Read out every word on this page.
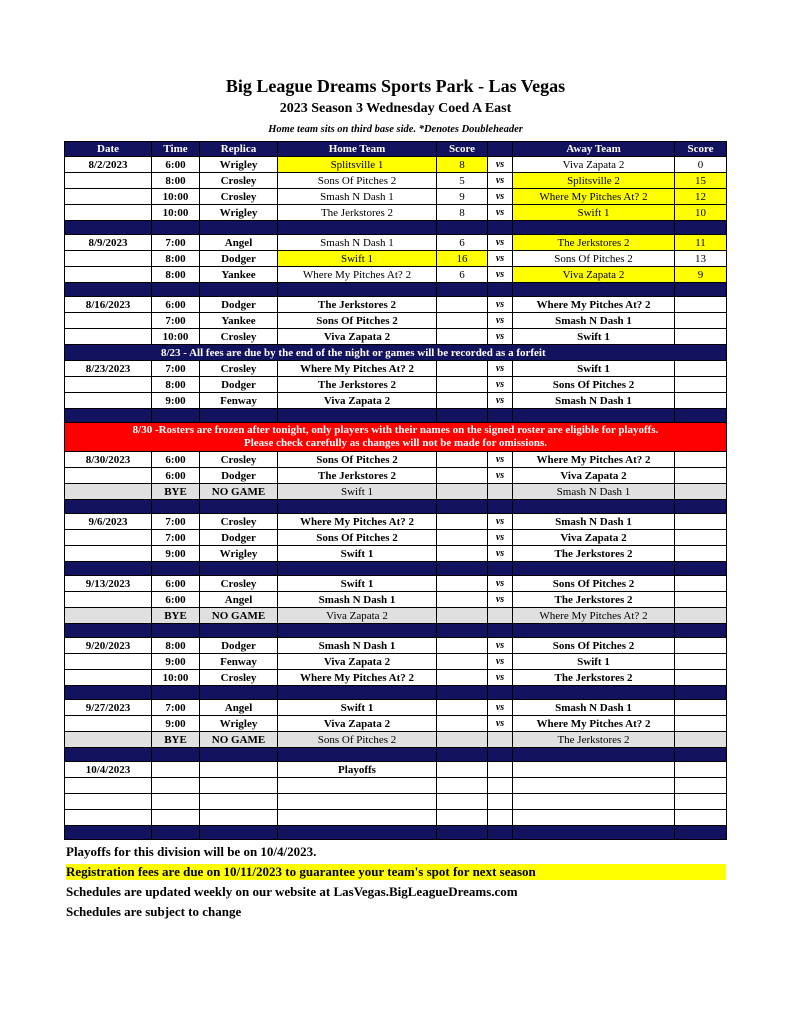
Big League Dreams Sports Park - Las Vegas
2023 Season 3 Wednesday Coed A East
Home team sits on third base side. *Denotes Doubleheader
Date	Time	Replica	Home Team	Score		Away Team	Score
8/2/2023	6:00	Wrigley	Splitsville 1	8	vs	Viva Zapata 2	0
	8:00	Crosley	Sons Of Pitches 2	5	vs	Splitsville 2	15
	10:00	Crosley	Smash N Dash 1	9	vs	Where My Pitches At? 2	12
	10:00	Wrigley	The Jerkstores 2	8	vs	Swift 1	10

8/9/2023	7:00	Angel	Smash N Dash 1	6	vs	The Jerkstores 2	11
	8:00	Dodger	Swift 1	16	vs	Sons Of Pitches 2	13
	8:00	Yankee	Where My Pitches At? 2	6	vs	Viva Zapata 2	9

8/16/2023	6:00	Dodger	The Jerkstores 2		vs	Where My Pitches At? 2	
	7:00	Yankee	Sons Of Pitches 2		vs	Smash N Dash 1	
	10:00	Crosley	Viva Zapata 2		vs	Swift 1	
8/23 - All fees are due by the end of the night or games will be recorded as a forfeit							
8/23/2023	7:00	Crosley	Where My Pitches At? 2		vs	Swift 1	
	8:00	Dodger	The Jerkstores 2		vs	Sons Of Pitches 2	
	9:00	Fenway	Viva Zapata 2		vs	Smash N Dash 1	

8/30 -Rosters are frozen after tonight, only players with their names on the signed roster are eligible for playoffs.
Please check carefully as changes will not be made for omissions.							

8/30/2023	6:00	Crosley	Sons Of Pitches 2		vs	Where My Pitches At? 2	
	6:00	Dodger	The Jerkstores 2		vs	Viva Zapata 2	
	BYE	NO GAME	Swift 1			Smash N Dash 1	

9/6/2023	7:00	Crosley	Where My Pitches At? 2		vs	Smash N Dash 1	
	7:00	Dodger	Sons Of Pitches 2		vs	Viva Zapata 2	
	9:00	Wrigley	Swift 1		vs	The Jerkstores 2	

9/13/2023	6:00	Crosley	Swift 1		vs	Sons Of Pitches 2	
	6:00	Angel	Smash N Dash 1		vs	The Jerkstores 2	
	BYE	NO GAME	Viva Zapata 2			Where My Pitches At? 2	

9/20/2023	8:00	Dodger	Smash N Dash 1		vs	Sons Of Pitches 2	
	9:00	Fenway	Viva Zapata 2		vs	Swift 1	
	10:00	Crosley	Where My Pitches At? 2		vs	The Jerkstores 2	

9/27/2023	7:00	Angel	Swift 1		vs	Smash N Dash 1	
	9:00	Wrigley	Viva Zapata 2		vs	Where My Pitches At? 2	
	BYE	NO GAME	Sons Of Pitches 2			The Jerkstores 2	

10/4/2023			Playoffs				

Playoffs for this division will be on 10/4/2023.
Registration fees are due on 10/11/2023 to guarantee your team's spot for next season
Schedules are updated weekly on our website at LasVegas.BigLeagueDreams.com
Schedules are subject to change
